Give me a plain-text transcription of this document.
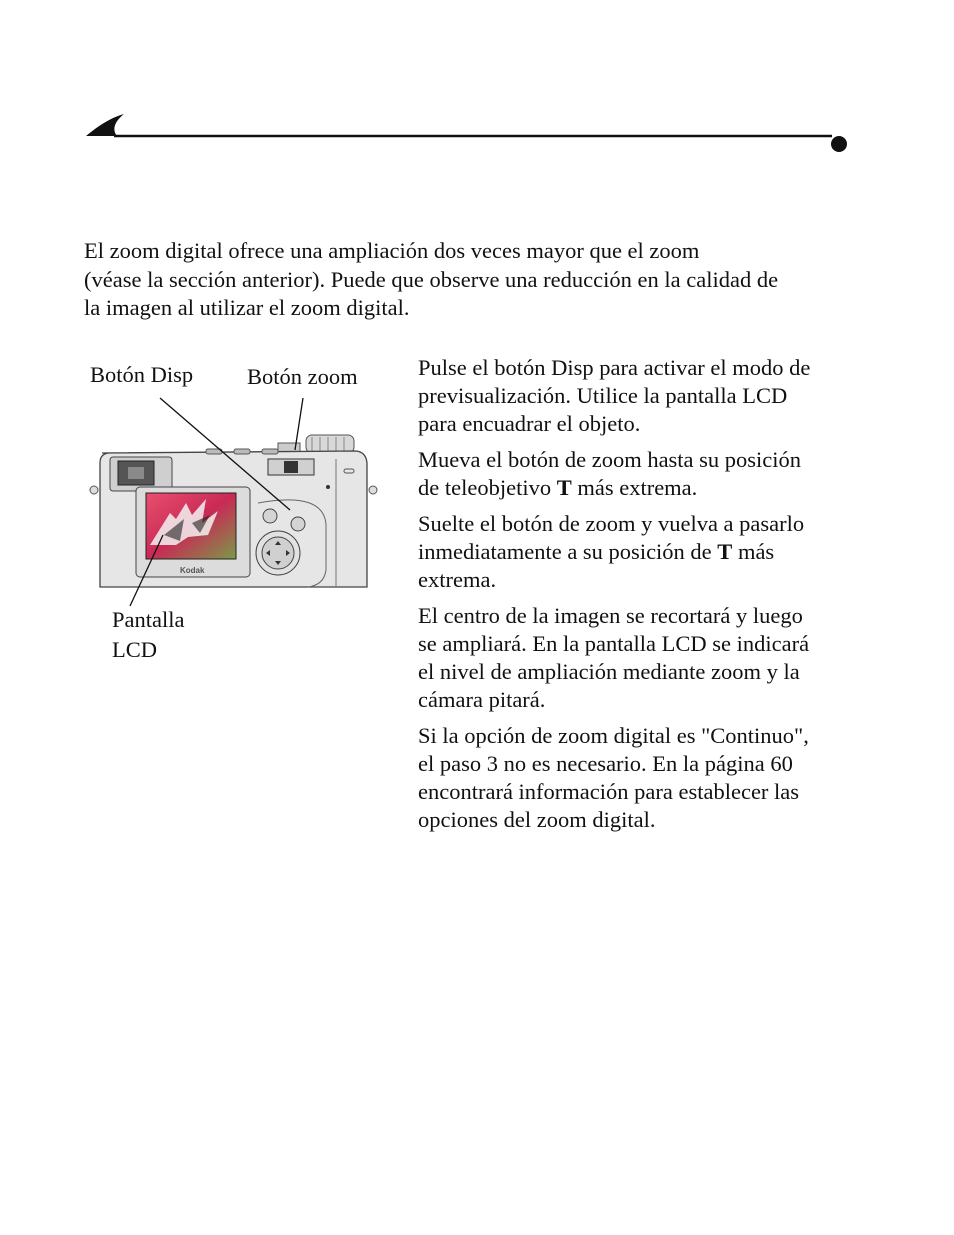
El zoom digital ofrece una ampliación dos veces mayor que el zoom
(véase la sección anterior). Puede que observe una reducción en la calidad de
la imagen al utilizar el zoom digital.

Botón Disp Botón zoom
Pantalla
LCD
Kodak

Pulse el botón Disp para activar el modo de
previsualización. Utilice la pantalla LCD
para encuadrar el objeto.

Mueva el botón de zoom hasta su posición
de teleobjetivo T más extrema.

Suelte el botón de zoom y vuelva a pasarlo
inmediatamente a su posición de T más
extrema.

El centro de la imagen se recortará y luego
se ampliará. En la pantalla LCD se indicará
el nivel de ampliación mediante zoom y la
cámara pitará.

Si la opción de zoom digital es "Continuo",
el paso 3 no es necesario. En la página 60
encontrará información para establecer las
opciones del zoom digital.
